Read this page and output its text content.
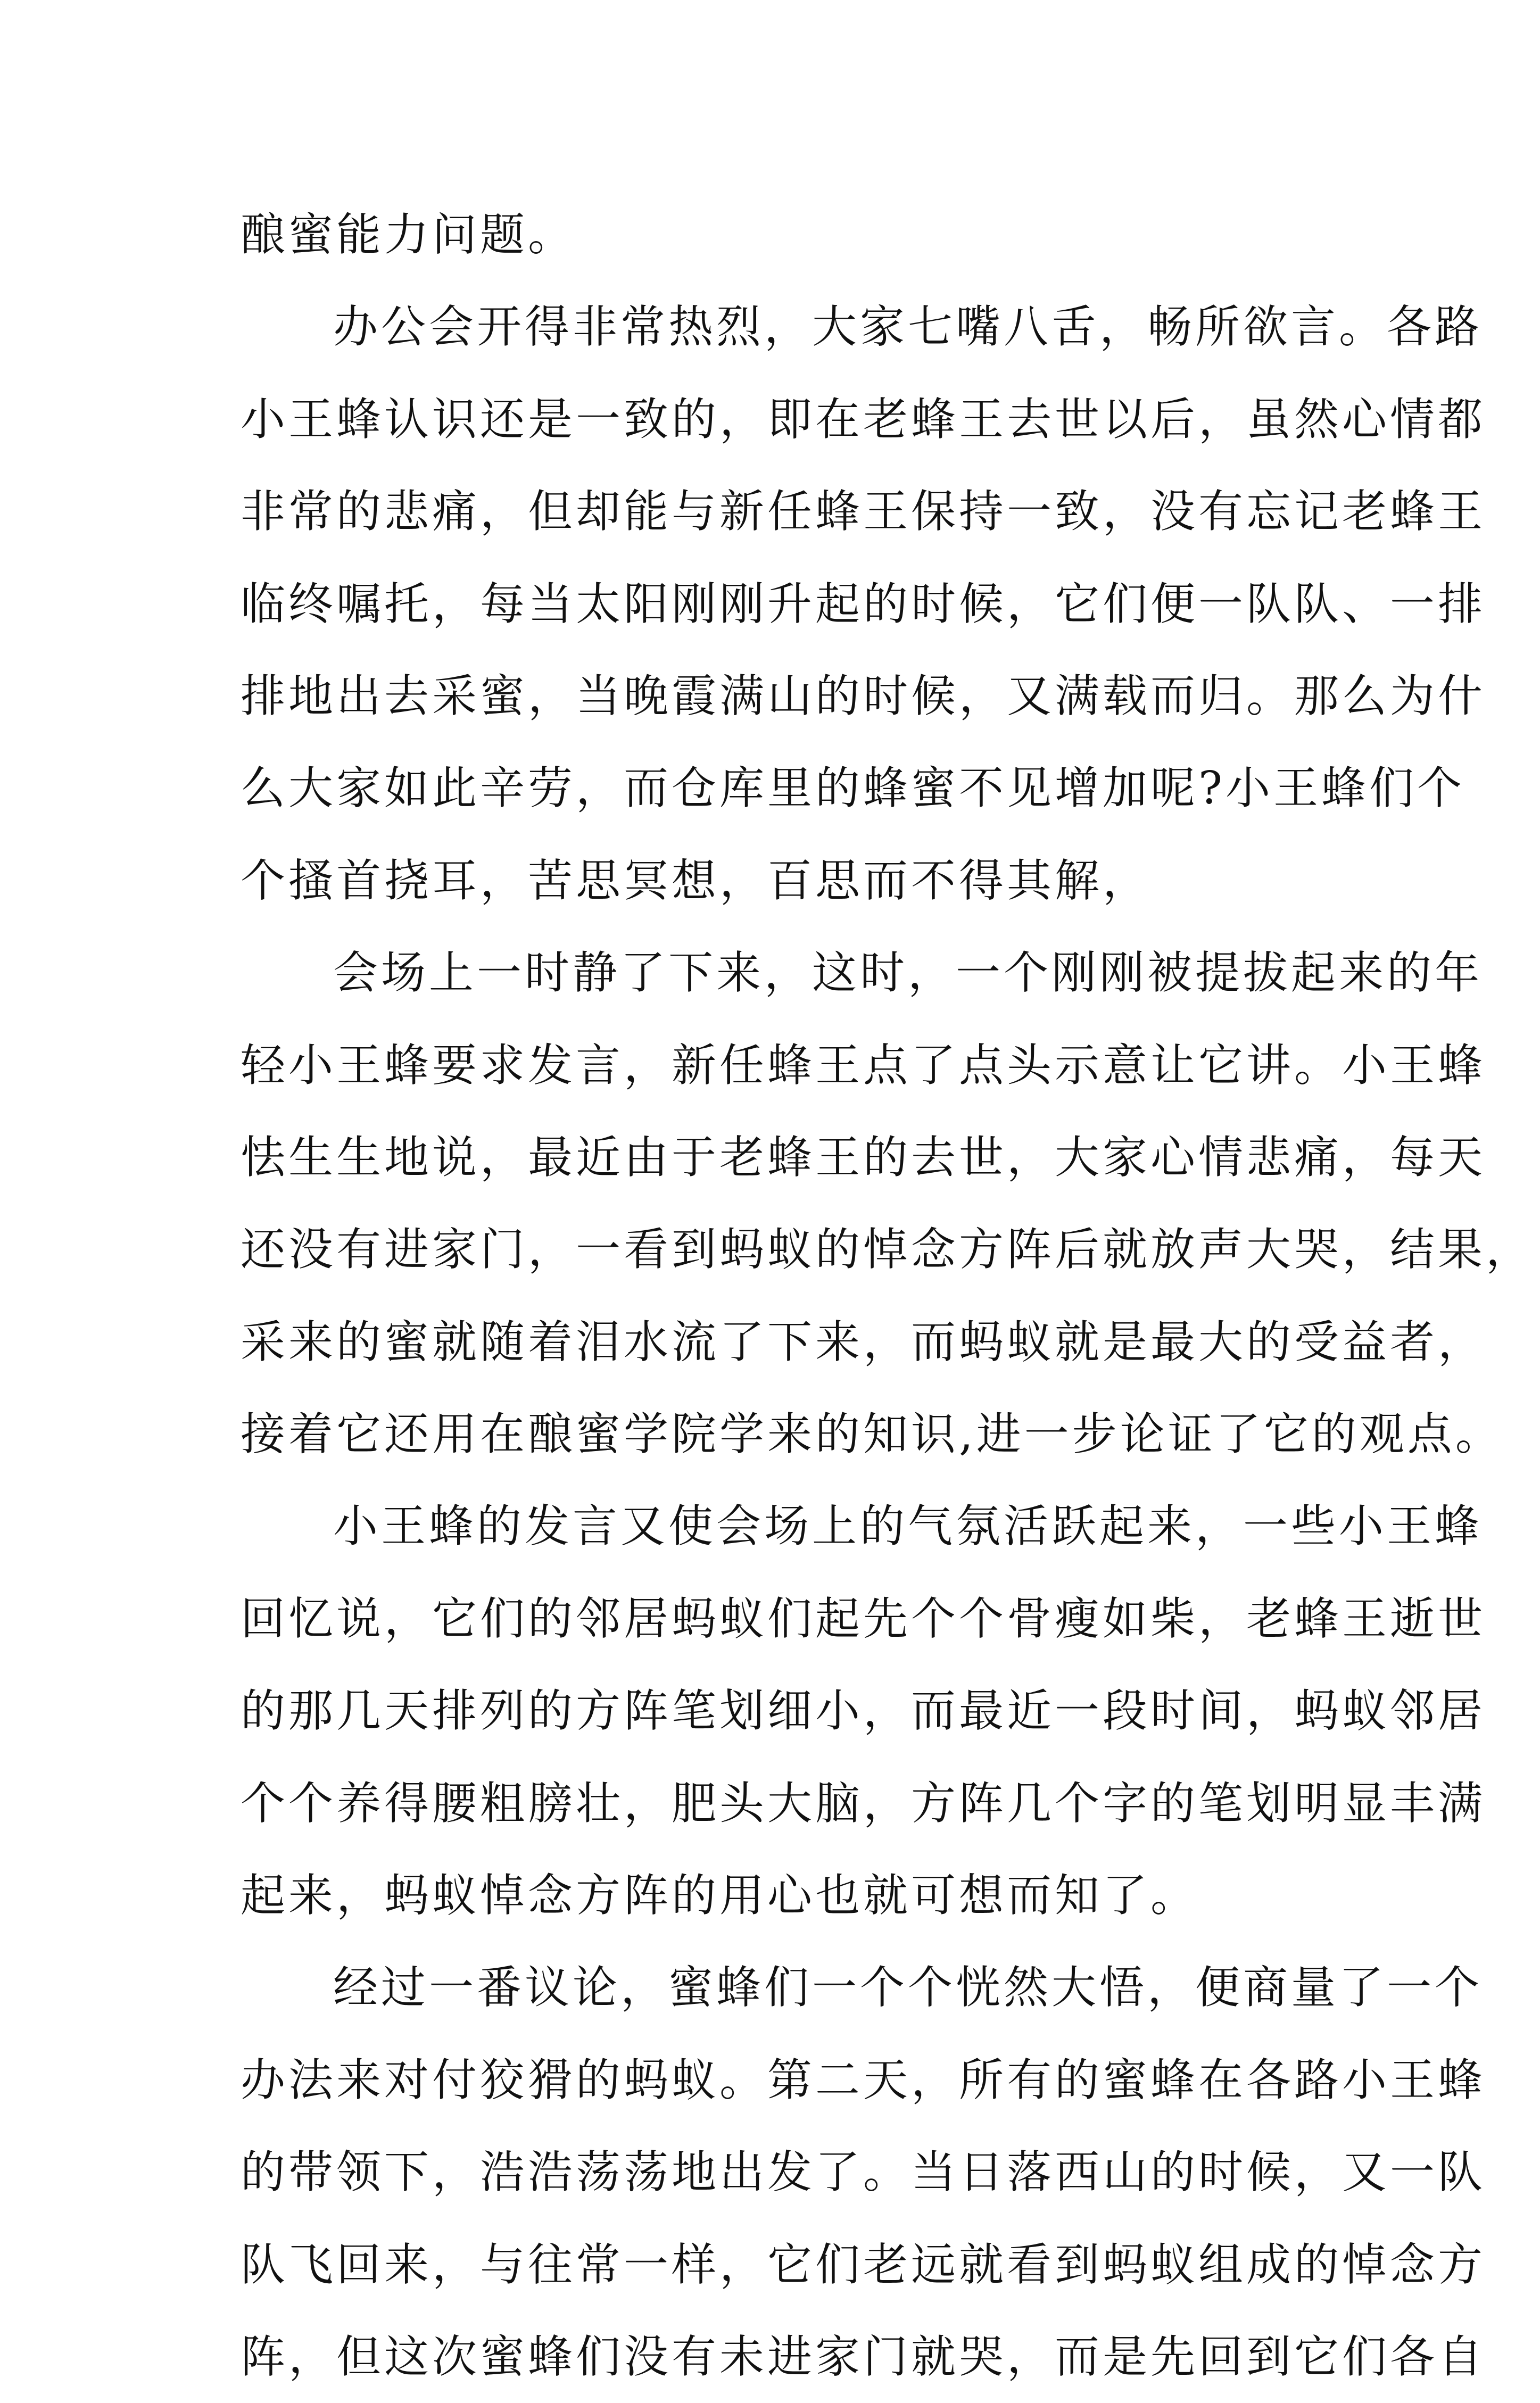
酿蜜能力问题。
办公会开得非常热烈，大家七嘴八舌，畅所欲言。各路
小王蜂认识还是一致的，即在老蜂王去世以后，虽然心情都
非常的悲痛，但却能与新任蜂王保持一致，没有忘记老蜂王
临终嘱托，每当太阳刚刚升起的时候，它们便一队队、一排
排地出去采蜜，当晚霞满山的时候，又满载而归。那么为什
么大家如此辛劳，而仓库里的蜂蜜不见增加呢?小王蜂们个
个搔首挠耳，苦思冥想，百思而不得其解，
会场上一时静了下来，这时，一个刚刚被提拔起来的年
轻小王蜂要求发言，新任蜂王点了点头示意让它讲。小王蜂
怯生生地说，最近由于老蜂王的去世，大家心情悲痛，每天
还没有进家门，一看到蚂蚁的悼念方阵后就放声大哭，结果，
采来的蜜就随着泪水流了下来，而蚂蚁就是最大的受益者，
接着它还用在酿蜜学院学来的知识,进一步论证了它的观点。
小王蜂的发言又使会场上的气氛活跃起来，一些小王蜂
回忆说，它们的邻居蚂蚁们起先个个骨瘦如柴，老蜂王逝世
的那几天排列的方阵笔划细小，而最近一段时间，蚂蚁邻居
个个养得腰粗膀壮，肥头大脑，方阵几个字的笔划明显丰满
起来，蚂蚁悼念方阵的用心也就可想而知了。
经过一番议论，蜜蜂们一个个恍然大悟，便商量了一个
办法来对付狡猾的蚂蚁。第二天，所有的蜜蜂在各路小王蜂
的带领下，浩浩荡荡地出发了。当日落西山的时候，又一队
队飞回来，与往常一样，它们老远就看到蚂蚁组成的悼念方
阵，但这次蜜蜂们没有未进家门就哭，而是先回到它们各自
